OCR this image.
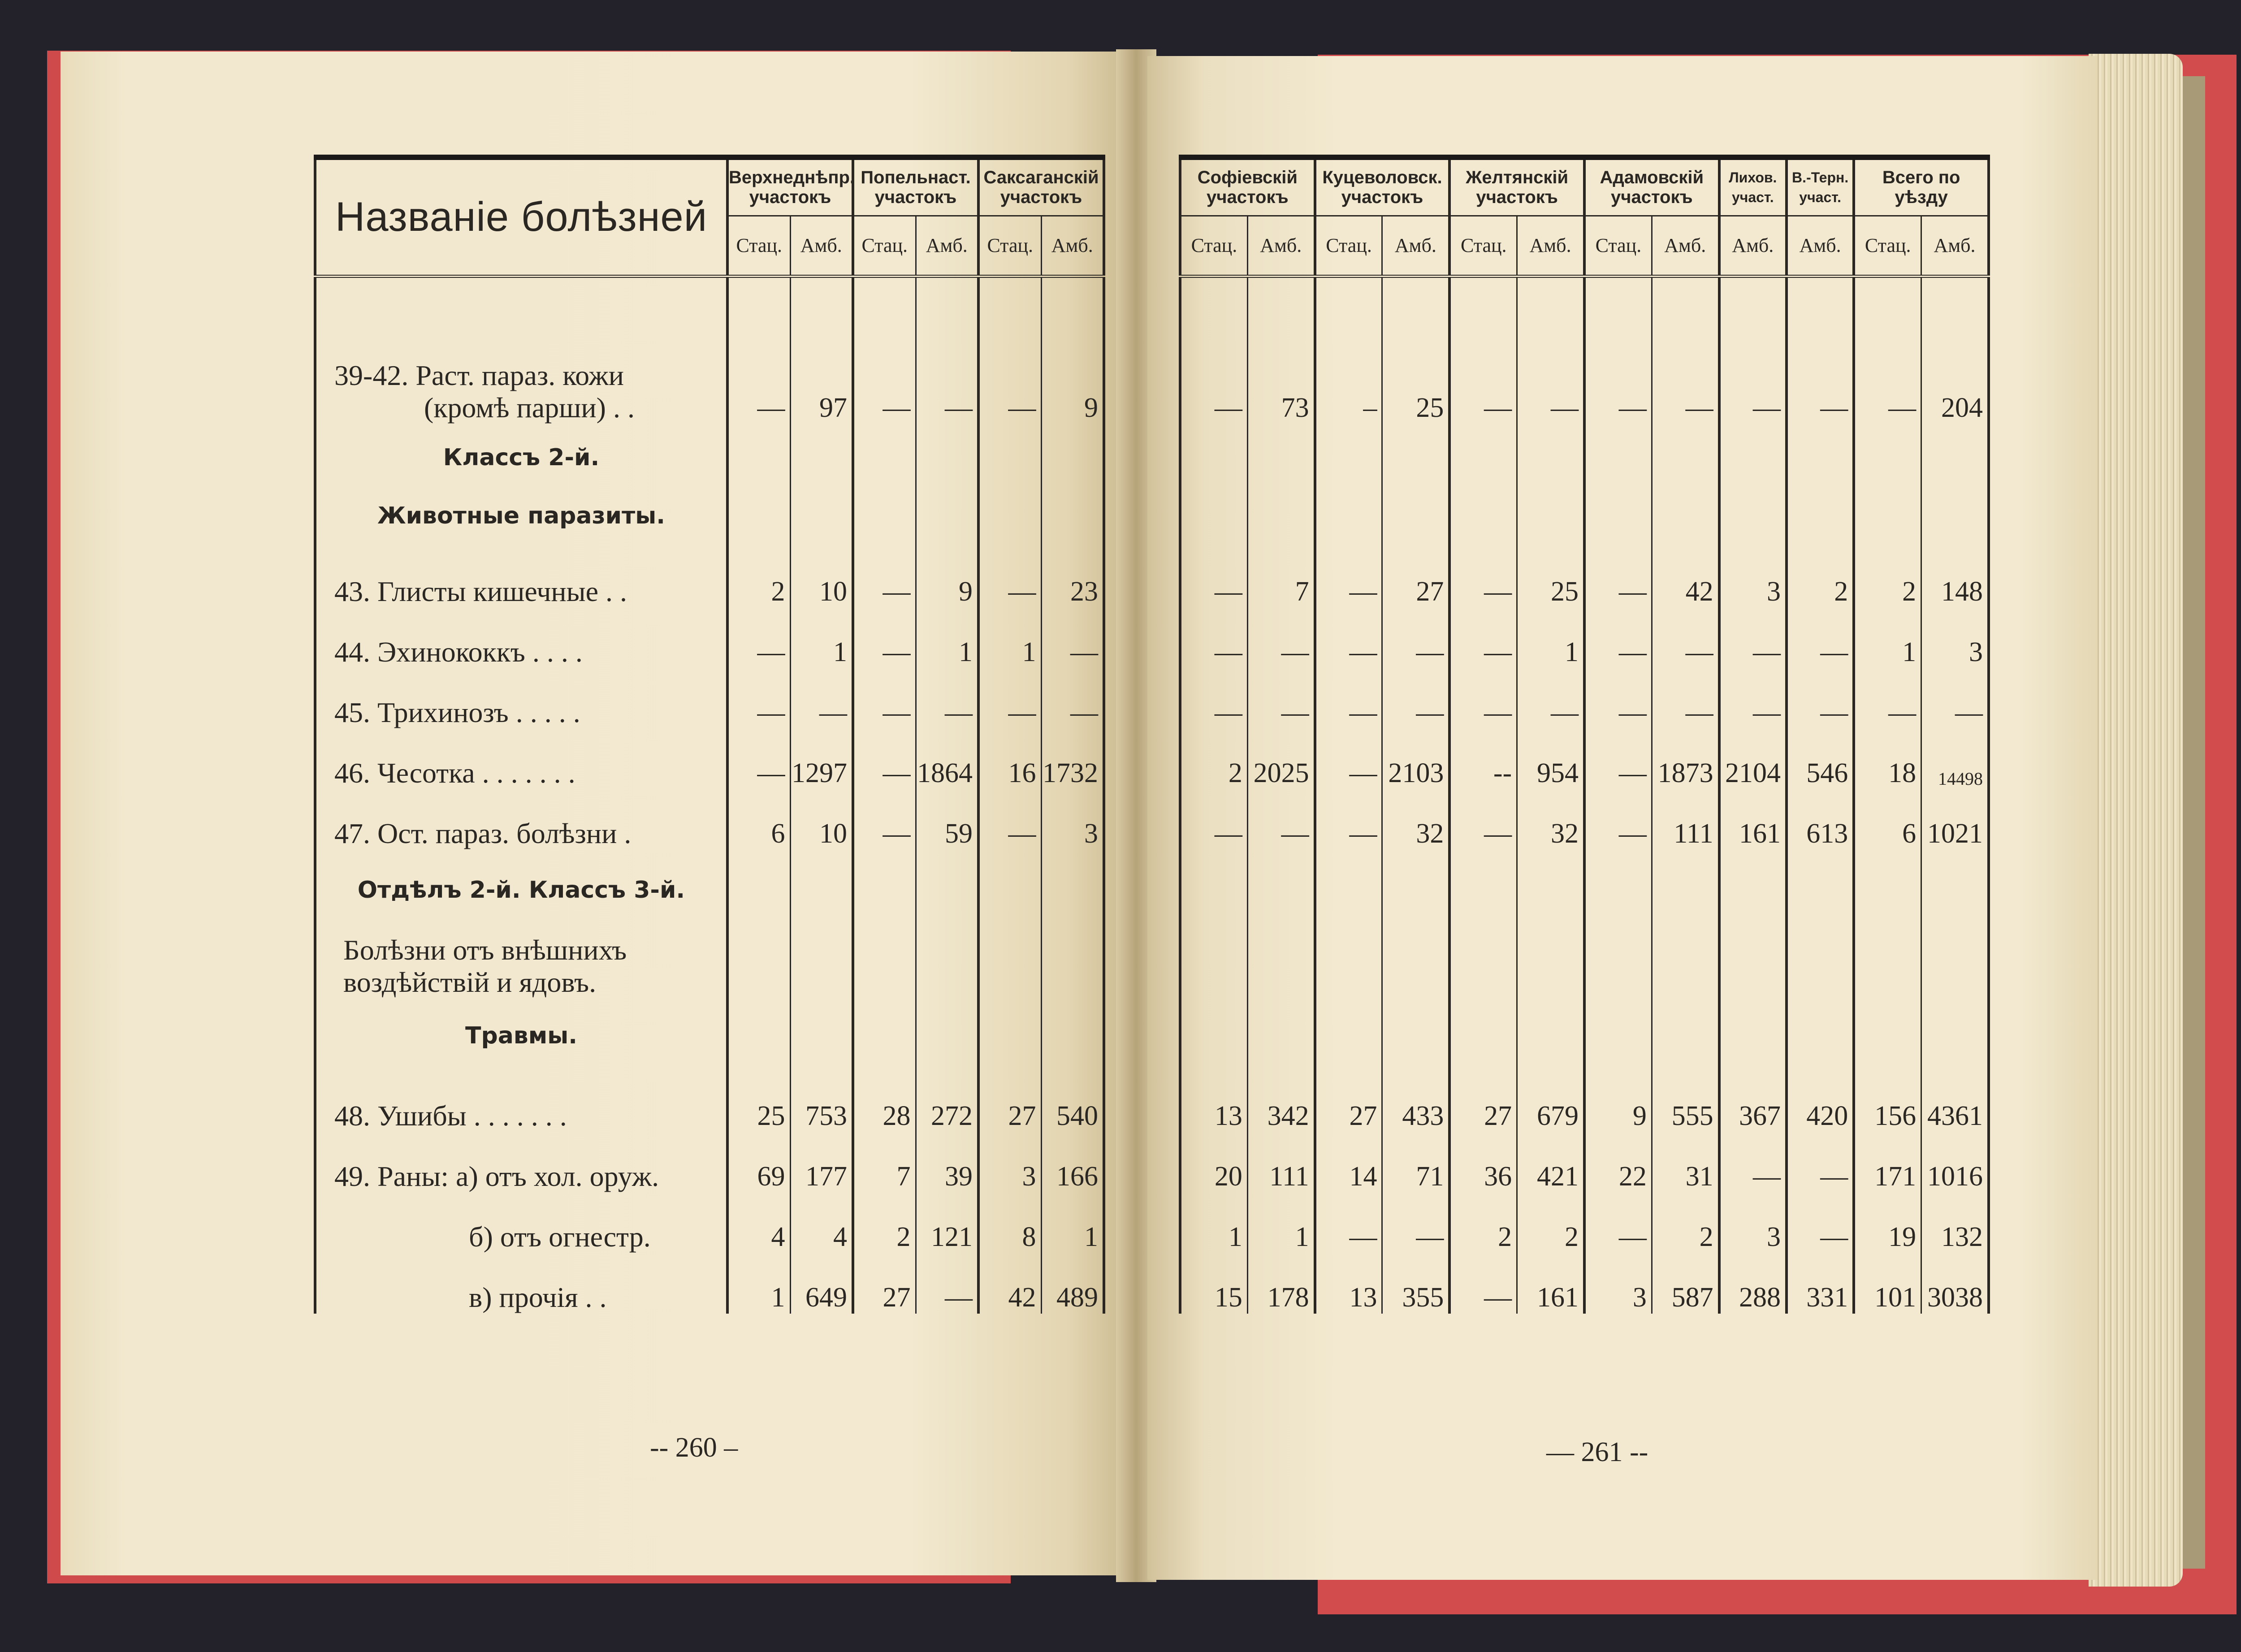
Названіе болѣзней	Верхнеднѣпр. участокъ		Попельнаст. участокъ		Саксаганскій участокъ	
	Стац.	Амб.	Стац.	Амб.	Стац.	Амб.

39-42. Раст. параз. кожи
(кромѣ парши) . .	—	97	—	—	—	9
Классъ 2-й.						
Животные паразиты.						

43. Глисты кишечные . .	2	10	—	9	—	23

44. Эхинококкъ . . . .	—	1	—	1	1	—

45. Трихинозъ . . . . .	—	—	—	—	—	—

46. Чесотка . . . . . . .	—	1297	—	1864	16	1732

47. Ост. параз. болѣзни .	6	10	—	59	—	3
Отдѣлъ 2-й. Классъ 3-й.						

Болѣзни отъ внѣшнихъ
воздѣйствій и ядовъ.						

Травмы.						

48. Ушибы . . . . . . .	25	753	28	272	27	540

49. Раны: а) отъ хол. оруж.	69	177	7	39	3	166

б) отъ огнестр.	4	4	2	121	8	1

в) прочія . .	1	649	27	—	42	489
-- 260 –
Софіевскій участокъ		Куцеволовск. участокъ		Желтянскій участокъ		Адамовскій участокъ		Лихов. участ.	В.-Терн. участ.	Всего по уѣзду	
Стац.	Амб.	Стац.	Амб.	Стац.	Амб.	Стац.	Амб.	Амб.	Амб.	Стац.	Амб.

—	73	–	25	—	—	—	—	—	—	—	204

—	7	—	27	—	25	—	42	3	2	2	148
—	—	—	—	—	1	—	—	—	—	1	3
—	—	—	—	—	—	—	—	—	—	—	—
2	2025	—	2103	--	954	—	1873	2104	546	18	14498
—	—	—	32	—	32	—	111	161	613	6	1021

13	342	27	433	27	679	9	555	367	420	156	4361
20	111	14	71	36	421	22	31	—	—	171	1016
1	1	—	—	2	2	—	2	3	—	19	132
15	178	13	355	—	161	3	587	288	331	101	3038
— 261 --
